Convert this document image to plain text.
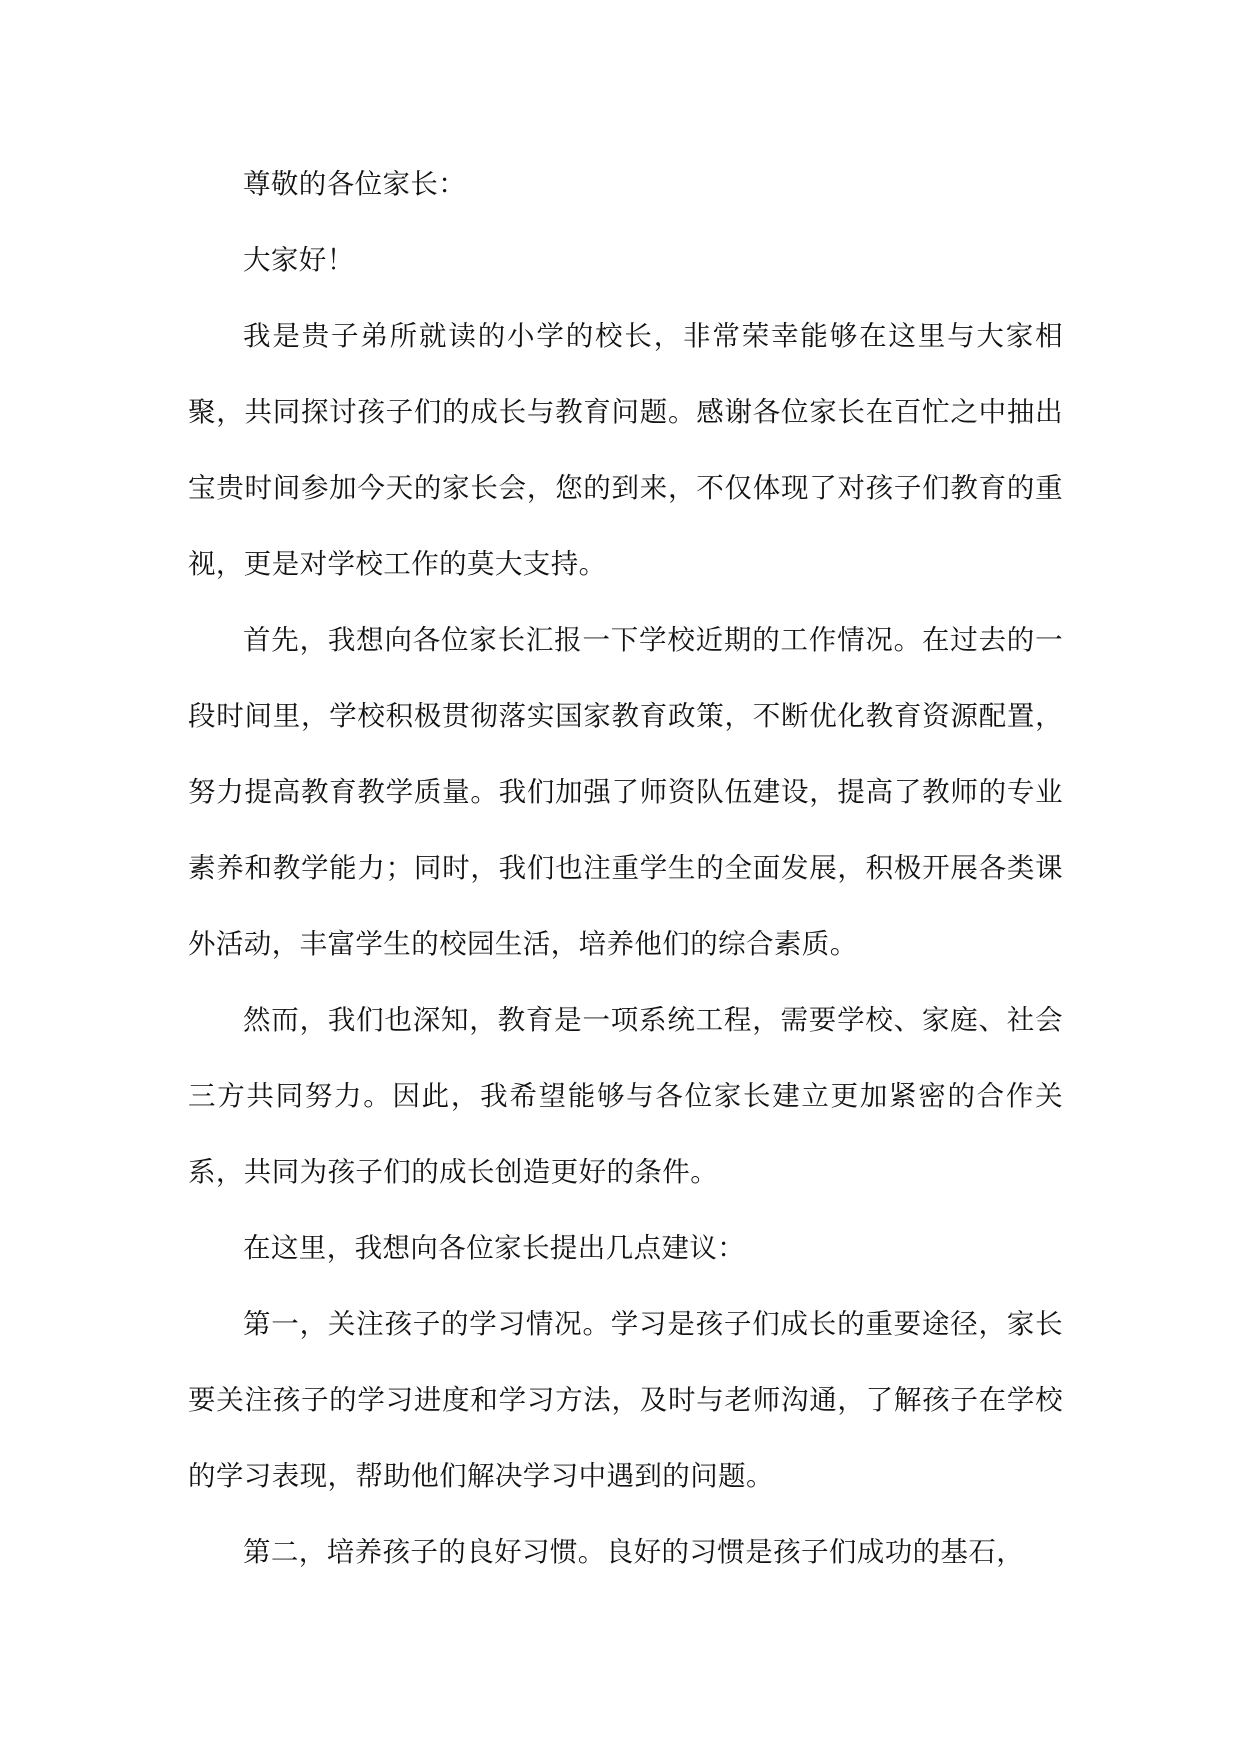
尊敬的各位家长：

大家好！

我是贵子弟所就读的小学的校长，非常荣幸能够在这里与大家相聚，共同探讨孩子们的成长与教育问题。感谢各位家长在百忙之中抽出宝贵时间参加今天的家长会，您的到来，不仅体现了对孩子们教育的重视，更是对学校工作的莫大支持。

首先，我想向各位家长汇报一下学校近期的工作情况。在过去的一段时间里，学校积极贯彻落实国家教育政策，不断优化教育资源配置，努力提高教育教学质量。我们加强了师资队伍建设，提高了教师的专业素养和教学能力；同时，我们也注重学生的全面发展，积极开展各类课外活动，丰富学生的校园生活，培养他们的综合素质。

然而，我们也深知，教育是一项系统工程，需要学校、家庭、社会三方共同努力。因此，我希望能够与各位家长建立更加紧密的合作关系，共同为孩子们的成长创造更好的条件。

在这里，我想向各位家长提出几点建议：

第一，关注孩子的学习情况。学习是孩子们成长的重要途径，家长要关注孩子的学习进度和学习方法，及时与老师沟通，了解孩子在学校的学习表现，帮助他们解决学习中遇到的问题。

第二，培养孩子的良好习惯。良好的习惯是孩子们成功的基石，
